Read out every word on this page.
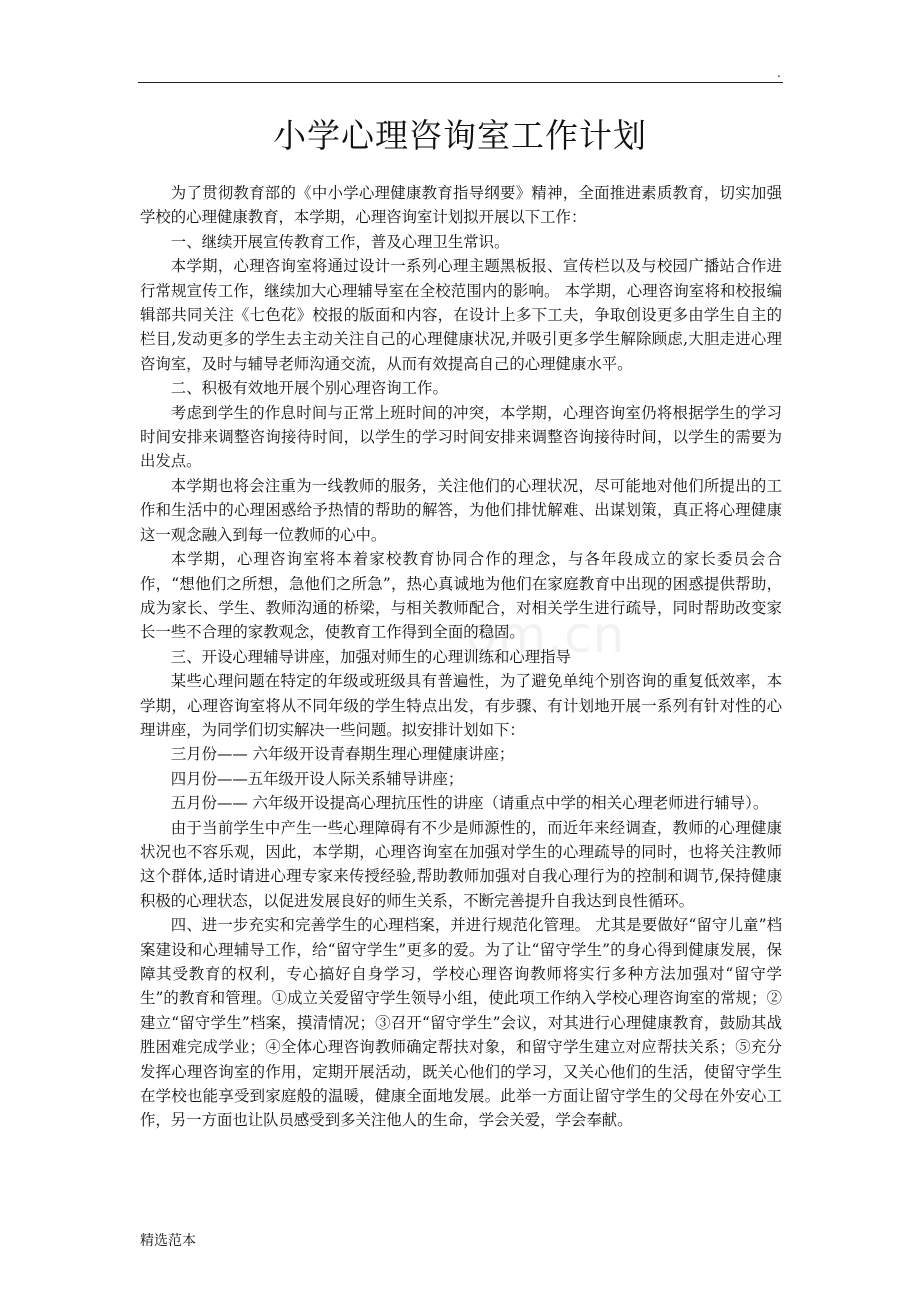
.
小学心理咨询室工作计划

为了贯彻教育部的《中小学心理健康教育指导纲要》精神，全面推进素质教育，切实加强学校的心理健康教育，本学期，心理咨询室计划拟开展以下工作：

一、继续开展宣传教育工作，普及心理卫生常识。

本学期，心理咨询室将通过设计一系列心理主题黑板报、宣传栏以及与校园广播站合作进行常规宣传工作，继续加大心理辅导室在全校范围内的影响。 本学期，心理咨询室将和校报编辑部共同关注《七色花》校报的版面和内容，在设计上多下工夫，争取创设更多由学生自主的栏目,发动更多的学生去主动关注自己的心理健康状况,并吸引更多学生解除顾虑,大胆走进心理咨询室，及时与辅导老师沟通交流，从而有效提高自己的心理健康水平。

二、积极有效地开展个别心理咨询工作。

考虑到学生的作息时间与正常上班时间的冲突，本学期，心理咨询室仍将根据学生的学习时间安排来调整咨询接待时间，以学生的学习时间安排来调整咨询接待时间，以学生的需要为出发点。

本学期也将会注重为一线教师的服务，关注他们的心理状况，尽可能地对他们所提出的工作和生活中的心理困惑给予热情的帮助的解答，为他们排忧解难、出谋划策，真正将心理健康这一观念融入到每一位教师的心中。

本学期，心理咨询室将本着家校教育协同合作的理念，与各年段成立的家长委员会合作，“想他们之所想，急他们之所急”，热心真诚地为他们在家庭教育中出现的困惑提供帮助，成为家长、学生、教师沟通的桥梁，与相关教师配合，对相关学生进行疏导，同时帮助改变家长一些不合理的家教观念，使教育工作得到全面的稳固。

三、开设心理辅导讲座，加强对师生的心理训练和心理指导

某些心理问题在特定的年级或班级具有普遍性，为了避免单纯个别咨询的重复低效率，本学期，心理咨询室将从不同年级的学生特点出发，有步骤、有计划地开展一系列有针对性的心理讲座，为同学们切实解决一些问题。拟安排计划如下：

三月份—— 六年级开设青春期生理心理健康讲座；

四月份——五年级开设人际关系辅导讲座；

五月份—— 六年级开设提高心理抗压性的讲座（请重点中学的相关心理老师进行辅导）。

由于当前学生中产生一些心理障碍有不少是师源性的，而近年来经调查，教师的心理健康状况也不容乐观，因此，本学期，心理咨询室在加强对学生的心理疏导的同时，也将关注教师这个群体,适时请进心理专家来传授经验,帮助教师加强对自我心理行为的控制和调节,保持健康积极的心理状态，以促进发展良好的师生关系，不断完善提升自我达到良性循环。

四、进一步充实和完善学生的心理档案，并进行规范化管理。 尤其是要做好“留守儿童”档案建设和心理辅导工作，给“留守学生”更多的爱。为了让“留守学生”的身心得到健康发展，保障其受教育的权利，专心搞好自身学习，学校心理咨询教师将实行多种方法加强对“留守学生”的教育和管理。①成立关爱留守学生领导小组，使此项工作纳入学校心理咨询室的常规；②建立“留守学生”档案，摸清情况；③召开“留守学生”会议，对其进行心理健康教育，鼓励其战胜困难完成学业；④全体心理咨询教师确定帮扶对象，和留守学生建立对应帮扶关系；⑤充分发挥心理咨询室的作用，定期开展活动，既关心他们的学习，又关心他们的生活，使留守学生在学校也能享受到家庭般的温暖，健康全面地发展。此举一方面让留守学生的父母在外安心工作，另一方面也让队员感受到多关注他人的生命，学会关爱，学会奉献。

om.cn
精选范本
